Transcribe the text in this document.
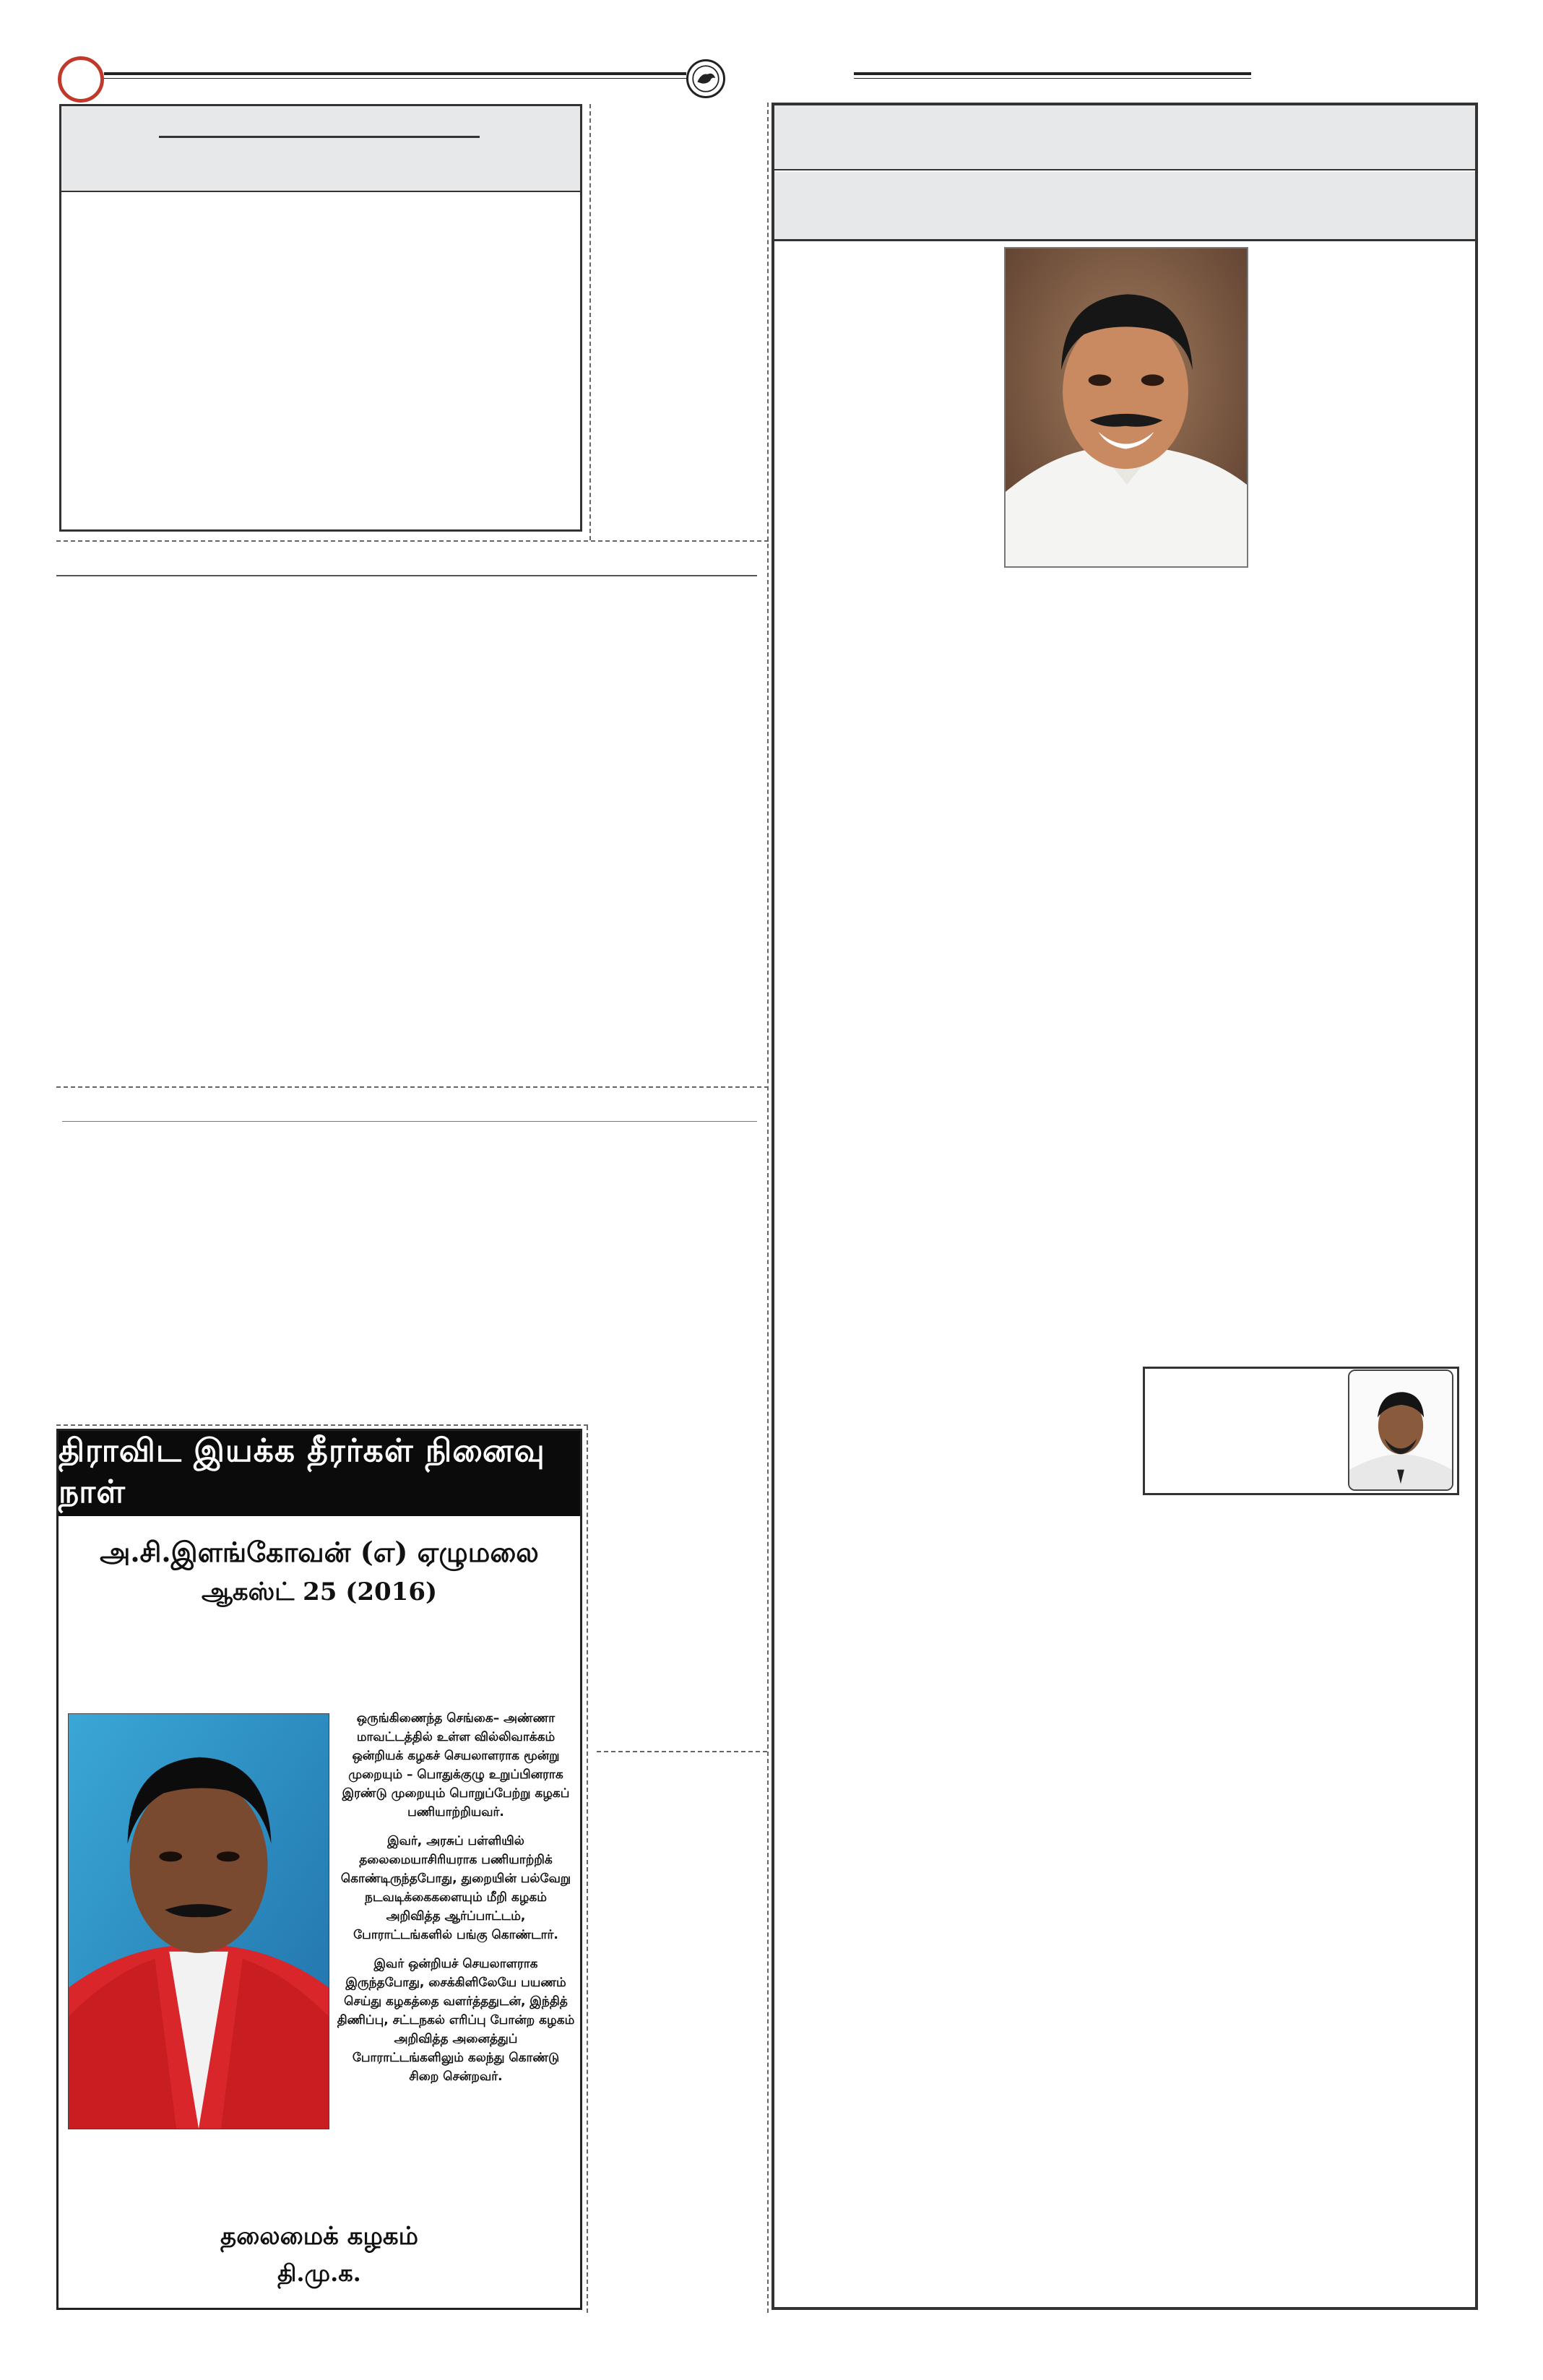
திராவிட இயக்க தீரர்கள் நினைவு நாள்
அ.சி.இளங்கோவன் (எ) ஏழுமலை
ஆகஸ்ட் 25 (2016)

ஒருங்கிணைந்த செங்கை– அண்ணா மாவட்டத்தில் உள்ள வில்லிவாக்கம் ஒன்றியக் கழகச் செயலாளராக மூன்று முறையும் – பொதுக்குழு உறுப்பினராக இரண்டு முறையும் பொறுப்பேற்று கழகப் பணியாற்றியவர்.

இவர், அரசுப் பள்ளியில் தலைமையாசிரியராக பணியாற்றிக் கொண்டிருந்தபோது, துறையின் பல்வேறு நடவடிக்கைகளையும் மீறி கழகம் அறிவித்த ஆர்ப்பாட்டம், போராட்டங்களில் பங்கு கொண்டார்.

இவர் ஒன்றியச் செயலாளராக இருந்தபோது, சைக்கிளிலேயே பயணம் செய்து கழகத்தை வளர்த்ததுடன், இந்தித் திணிப்பு, சட்டநகல் எரிப்பு போன்ற கழகம் அறிவித்த அனைத்துப் போராட்டங்களிலும் கலந்து கொண்டு சிறை சென்றவர்.

தலைமைக் கழகம்
தி.மு.க.
